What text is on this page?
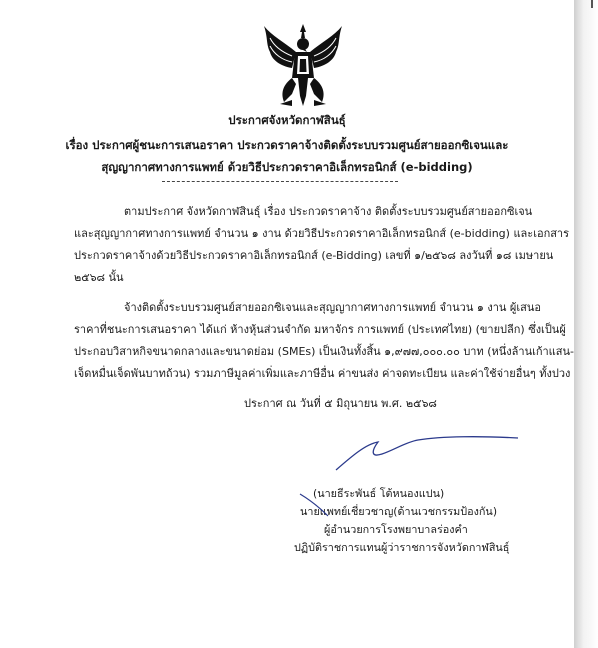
ประกาศจังหวัดกาฬสินธุ์
เรื่อง ประกาศผู้ชนะการเสนอราคา ประกวดราคาจ้างติดตั้งระบบรวมศูนย์สายออกซิเจนและ
สุญญากาศทางการแพทย์ ด้วยวิธีประกวดราคาอิเล็กทรอนิกส์ (e-bidding)
ตามประกาศ จังหวัดกาฬสินธุ์ เรื่อง ประกวดราคาจ้าง ติดตั้งระบบรวมศูนย์สายออกซิเจน
และสุญญากาศทางการแพทย์ จำนวน ๑ งาน ด้วยวิธีประกวดราคาอิเล็กทรอนิกส์ (e-bidding) และเอกสาร
ประกวดราคาจ้างด้วยวิธีประกวดราคาอิเล็กทรอนิกส์ (e-Bidding) เลขที่ ๑/๒๕๖๘ ลงวันที่ ๑๘ เมษายน
๒๕๖๘ นั้น
จ้างติดตั้งระบบรวมศูนย์สายออกซิเจนและสุญญากาศทางการแพทย์ จำนวน ๑ งาน ผู้เสนอ
ราคาที่ชนะการเสนอราคา ได้แก่ ห้างหุ้นส่วนจำกัด มหาจักร การแพทย์ (ประเทศไทย) (ขายปลีก) ซึ่งเป็นผู้
ประกอบวิสาหกิจขนาดกลางและขนาดย่อม (SMEs) เป็นเงินทั้งสิ้น ๑,๙๗๗,๐๐๐.๐๐ บาท (หนึ่งล้านเก้าแสน-
เจ็ดหมื่นเจ็ดพันบาทถ้วน) รวมภาษีมูลค่าเพิ่มและภาษีอื่น ค่าขนส่ง ค่าจดทะเบียน และค่าใช้จ่ายอื่นๆ ทั้งปวง
ประกาศ ณ วันที่ ๕ มิถุนายน พ.ศ. ๒๕๖๘
(นายธีระพันธ์ โต้หนองแปน)
นายแพทย์เชี่ยวชาญ(ด้านเวชกรรมป้องกัน)
ผู้อำนวยการโรงพยาบาลร่องคำ
ปฏิบัติราชการแทนผู้ว่าราชการจังหวัดกาฬสินธุ์
